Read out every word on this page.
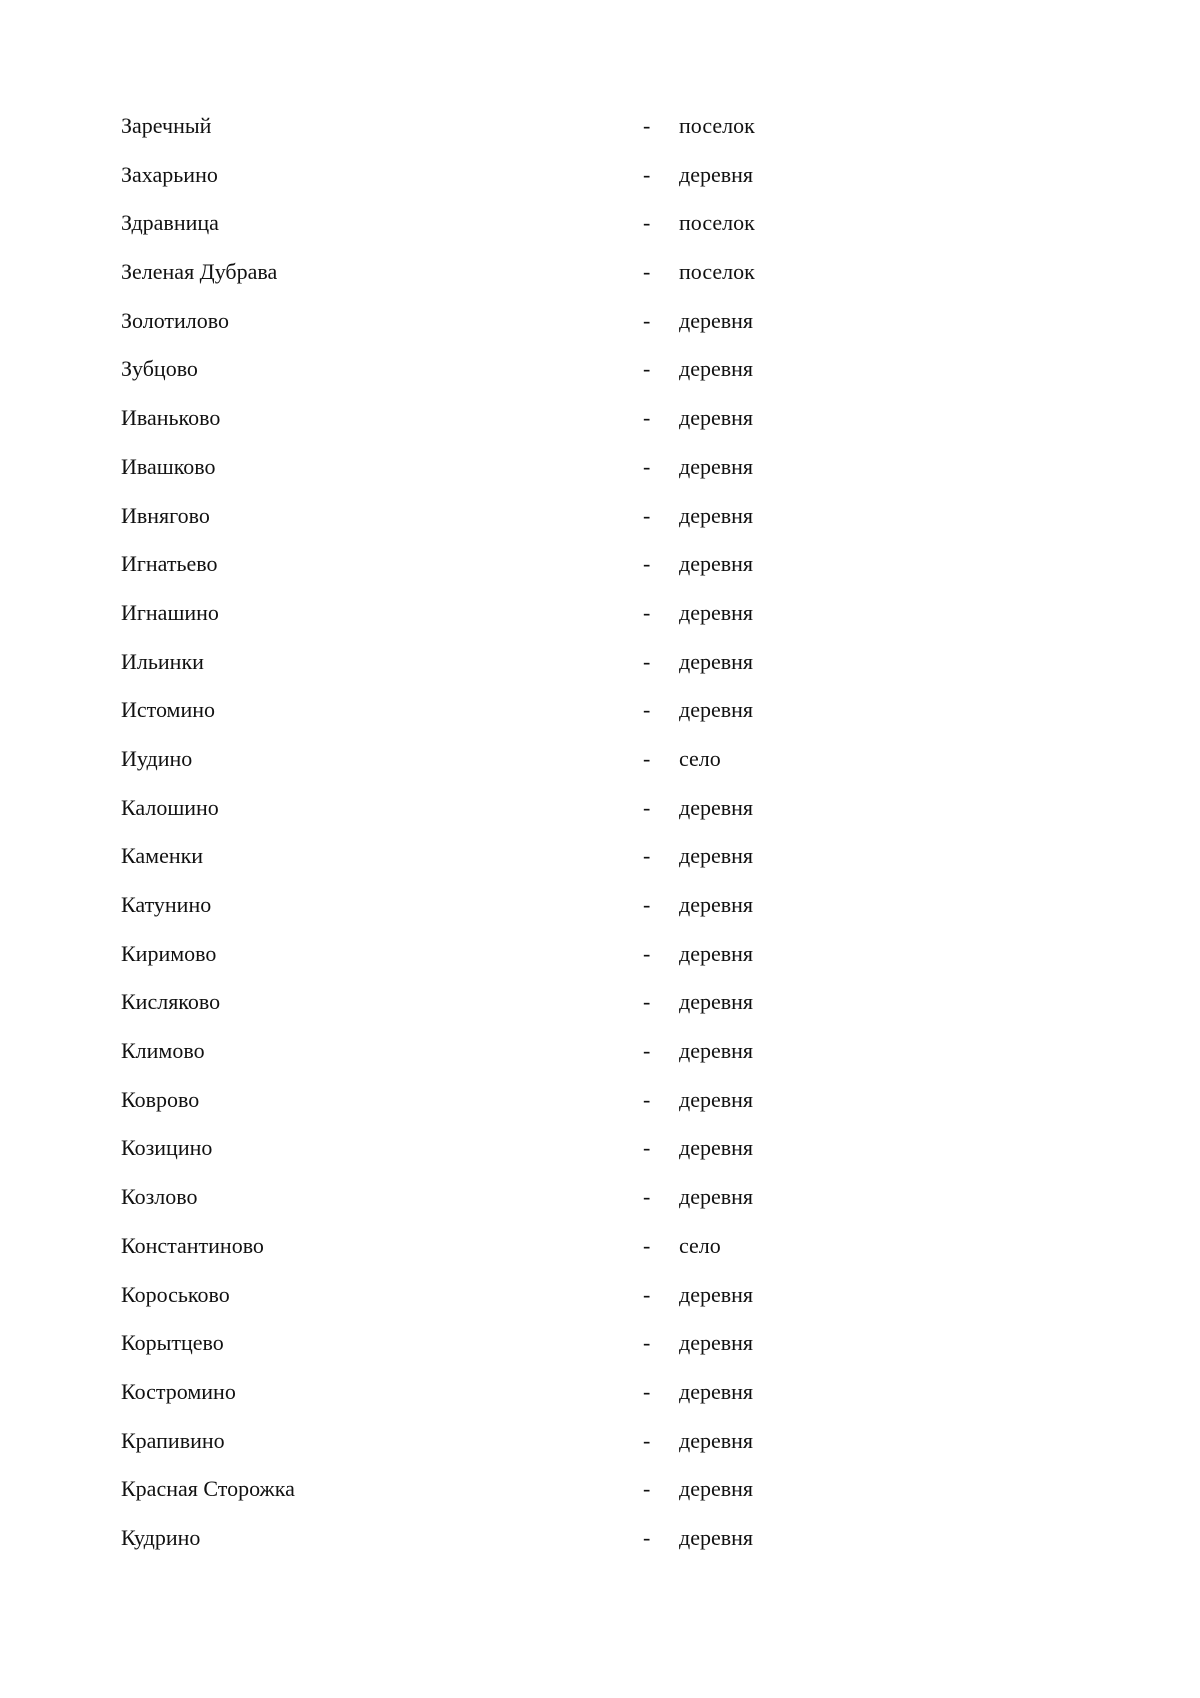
Заречный	- поселок
Захарьино	- деревня
Здравница	- поселок
Зеленая Дубрава	- поселок
Золотилово	- деревня
Зубцово	- деревня
Иваньково	- деревня
Ивашково	- деревня
Ивнягово	- деревня
Игнатьево	- деревня
Игнашино	- деревня
Ильинки	- деревня
Истомино	- деревня
Иудино	- село
Калошино	- деревня
Каменки	- деревня
Катунино	- деревня
Киримово	- деревня
Кисляково	- деревня
Климово	- деревня
Коврово	- деревня
Козицино	- деревня
Козлово	- деревня
Константиново	- село
Короськово	- деревня
Корытцево	- деревня
Костромино	- деревня
Крапивино	- деревня
Красная Сторожка	- деревня
Кудрино	- деревня
